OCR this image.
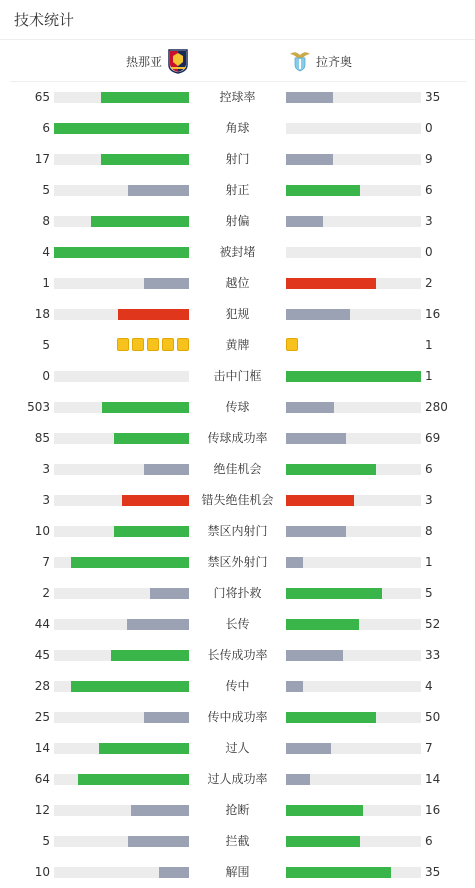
技术统计
热那亚	拉齐奥
65	控球率	35
6	角球	0
17	射门	9
5	射正	6
8	射偏	3
4	被封堵	0
1	越位	2
18	犯规	16
5	黄牌	1
0	击中门框	1
503	传球	280
85	传球成功率	69
3	绝佳机会	6
3	错失绝佳机会	3
10	禁区内射门	8
7	禁区外射门	1
2	门将扑救	5
44	长传	52
45	长传成功率	33
28	传中	4
25	传中成功率	50
14	过人	7
64	过人成功率	14
12	抢断	16
5	拦截	6
10	解围	35
